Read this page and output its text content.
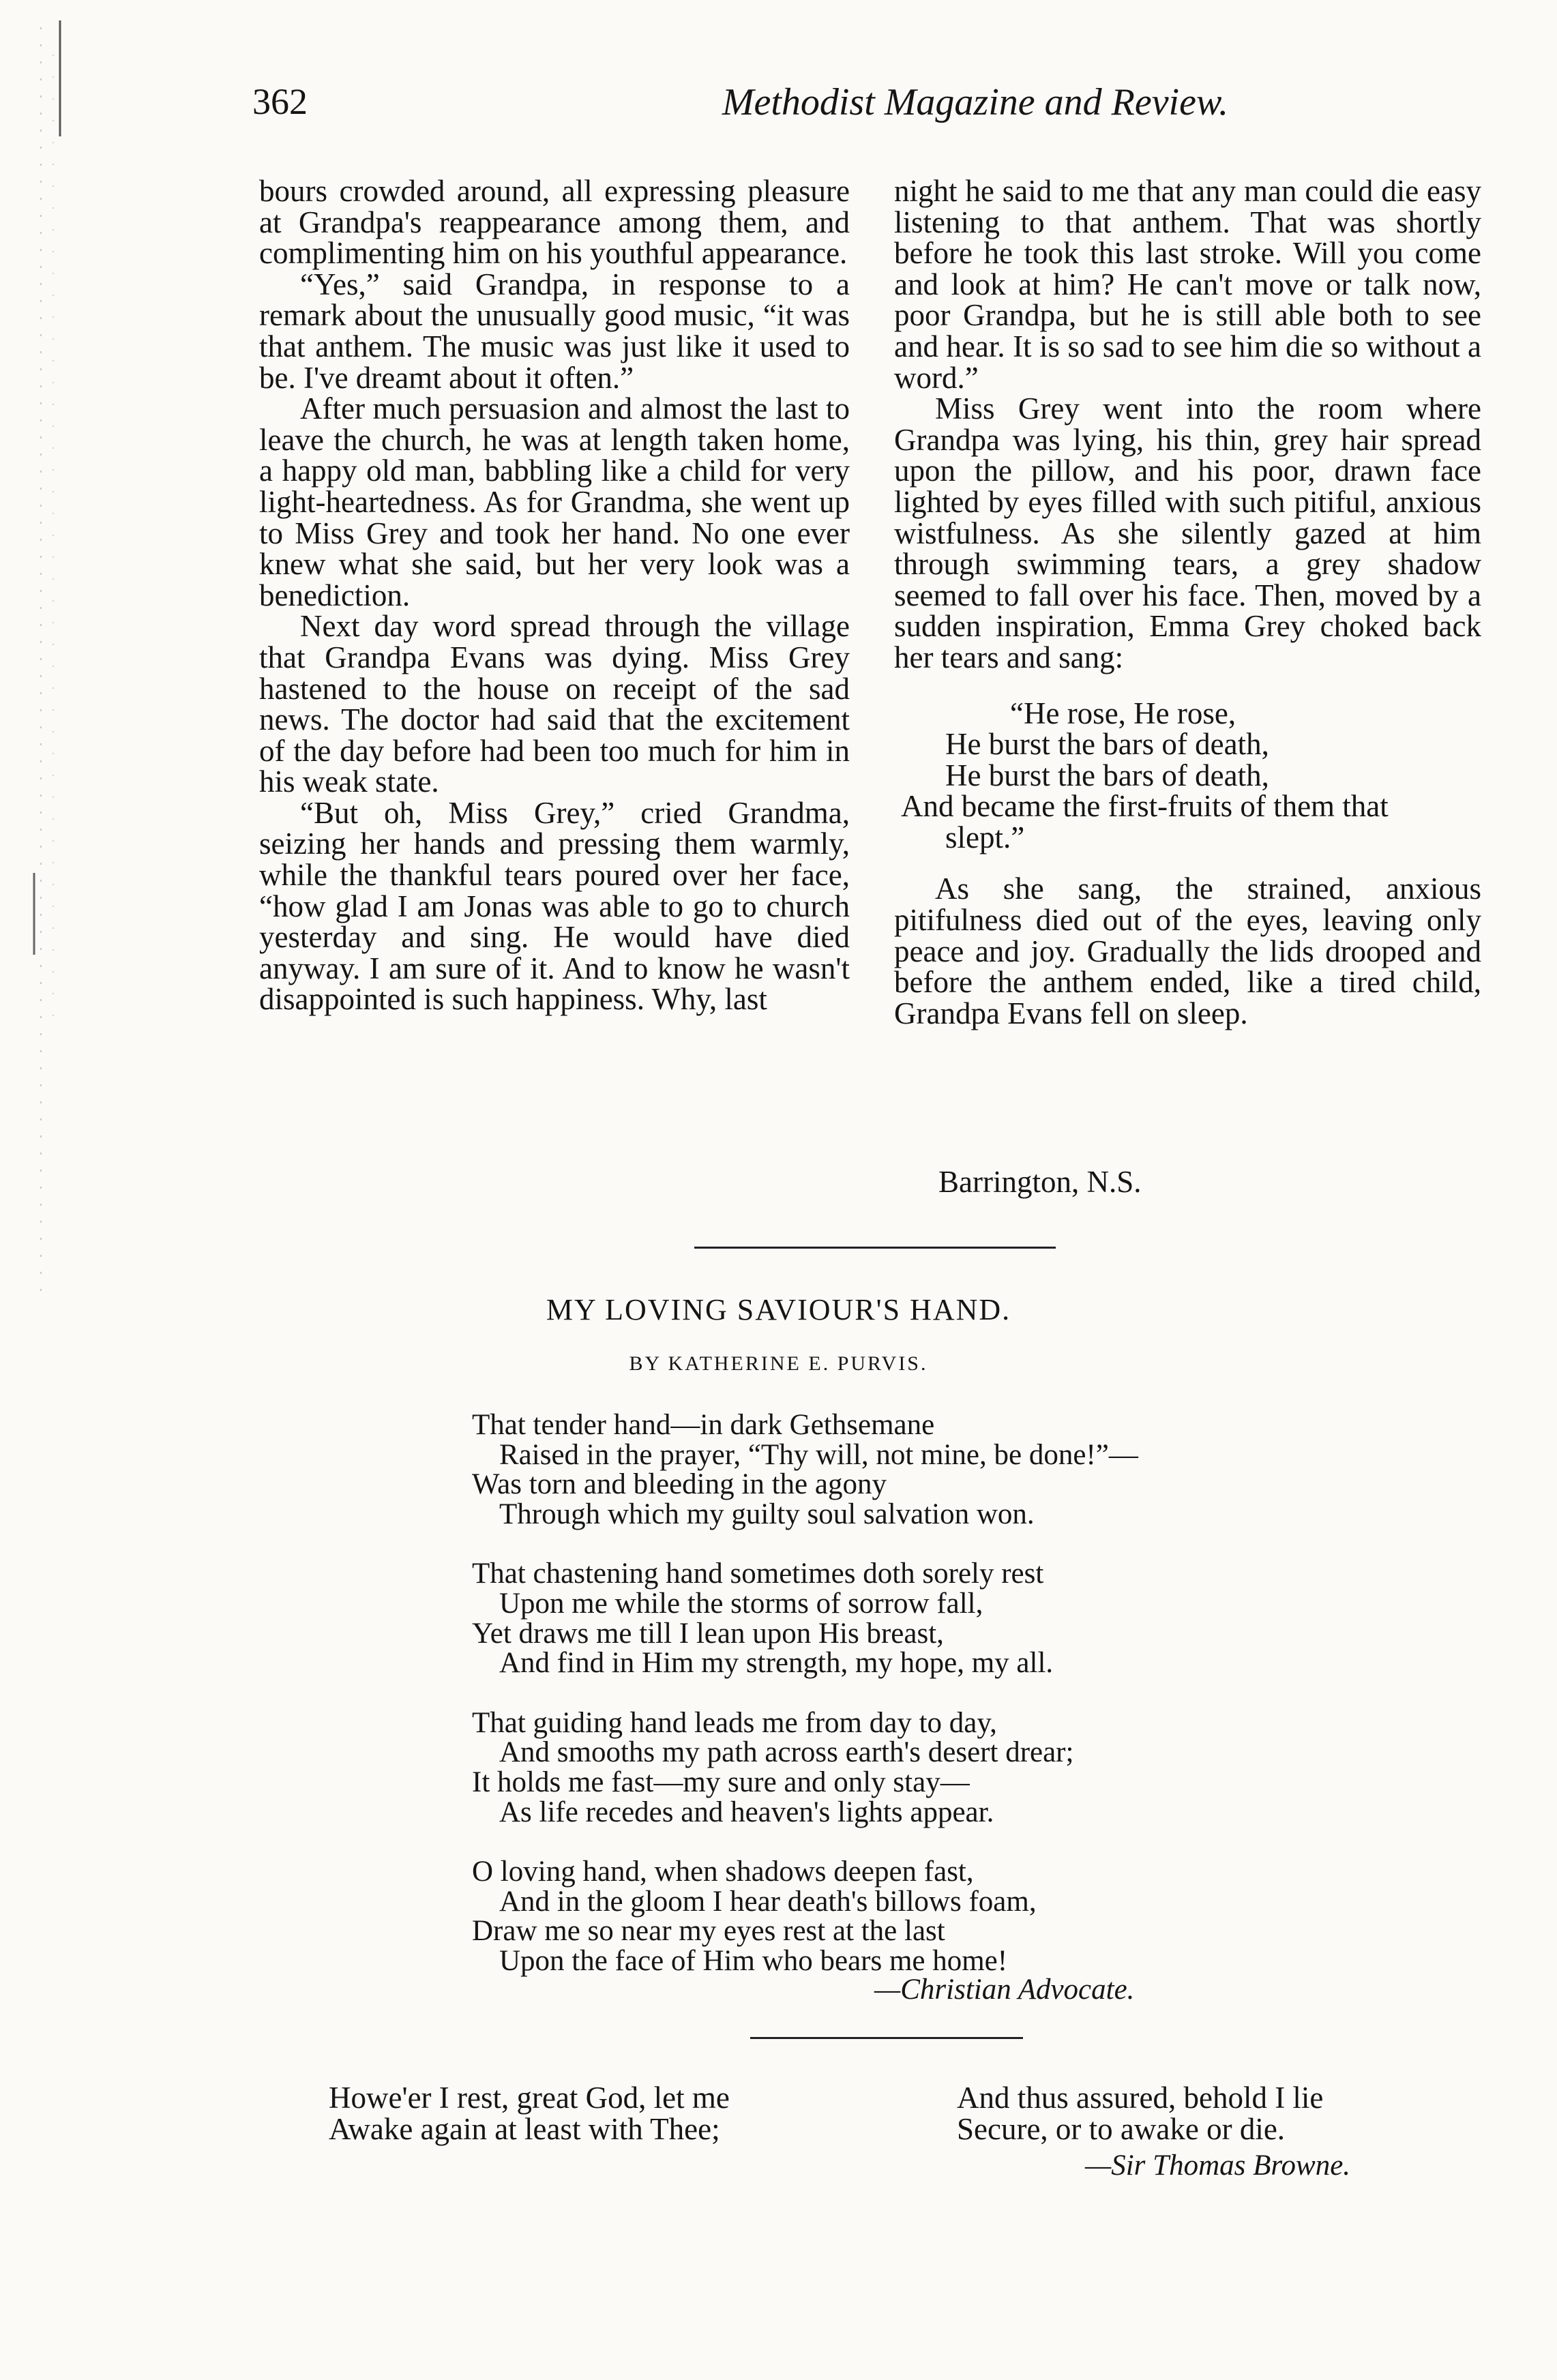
362	Methodist Magazine and Review.

bours crowded around, all expressing pleasure at Grandpa's reappearance among them, and complimenting him on his youthful appearance.

“Yes,” said Grandpa, in response to a remark about the unusually good music, “it was that anthem. The music was just like it used to be. I've dreamt about it often.”

After much persuasion and almost the last to leave the church, he was at length taken home, a happy old man, babbling like a child for very light-heartedness. As for Grandma, she went up to Miss Grey and took her hand. No one ever knew what she said, but her very look was a benediction.

Next day word spread through the village that Grandpa Evans was dying. Miss Grey hastened to the house on receipt of the sad news. The doctor had said that the excitement of the day before had been too much for him in his weak state.

“But oh, Miss Grey,” cried Grandma, seizing her hands and pressing them warmly, while the thankful tears poured over her face, “how glad I am Jonas was able to go to church yesterday and sing. He would have died anyway. I am sure of it. And to know he wasn't disappointed is such happiness. Why, last

night he said to me that any man could die easy listening to that anthem. That was shortly before he took this last stroke. Will you come and look at him? He can't move or talk now, poor Grandpa, but he is still able both to see and hear. It is so sad to see him die so without a word.”

Miss Grey went into the room where Grandpa was lying, his thin, grey hair spread upon the pillow, and his poor, drawn face lighted by eyes filled with such pitiful, anxious wistfulness. As she silently gazed at him through swimming tears, a grey shadow seemed to fall over his face. Then, moved by a sudden inspiration, Emma Grey choked back her tears and sang:

“He rose, He rose,
He burst the bars of death,
He burst the bars of death,
And became the first-fruits of them that
slept.”

As she sang, the strained, anxious pitifulness died out of the eyes, leaving only peace and joy. Gradually the lids drooped and before the anthem ended, like a tired child, Grandpa Evans fell on sleep.

Barrington, N.S.
MY LOVING SAVIOUR'S HAND.
BY KATHERINE E. PURVIS.
That tender hand—in dark Gethsemane
Raised in the prayer, “Thy will, not mine, be done!”—
Was torn and bleeding in the agony
Through which my guilty soul salvation won.
That chastening hand sometimes doth sorely rest
Upon me while the storms of sorrow fall,
Yet draws me till I lean upon His breast,
And find in Him my strength, my hope, my all.
That guiding hand leads me from day to day,
And smooths my path across earth's desert drear;
It holds me fast—my sure and only stay—
As life recedes and heaven's lights appear.
O loving hand, when shadows deepen fast,
And in the gloom I hear death's billows foam,
Draw me so near my eyes rest at the last
Upon the face of Him who bears me home!
—Christian Advocate.
Howe'er I rest, great God, let me
Awake again at least with Thee;
And thus assured, behold I lie
Secure, or to awake or die.
—Sir Thomas Browne.
